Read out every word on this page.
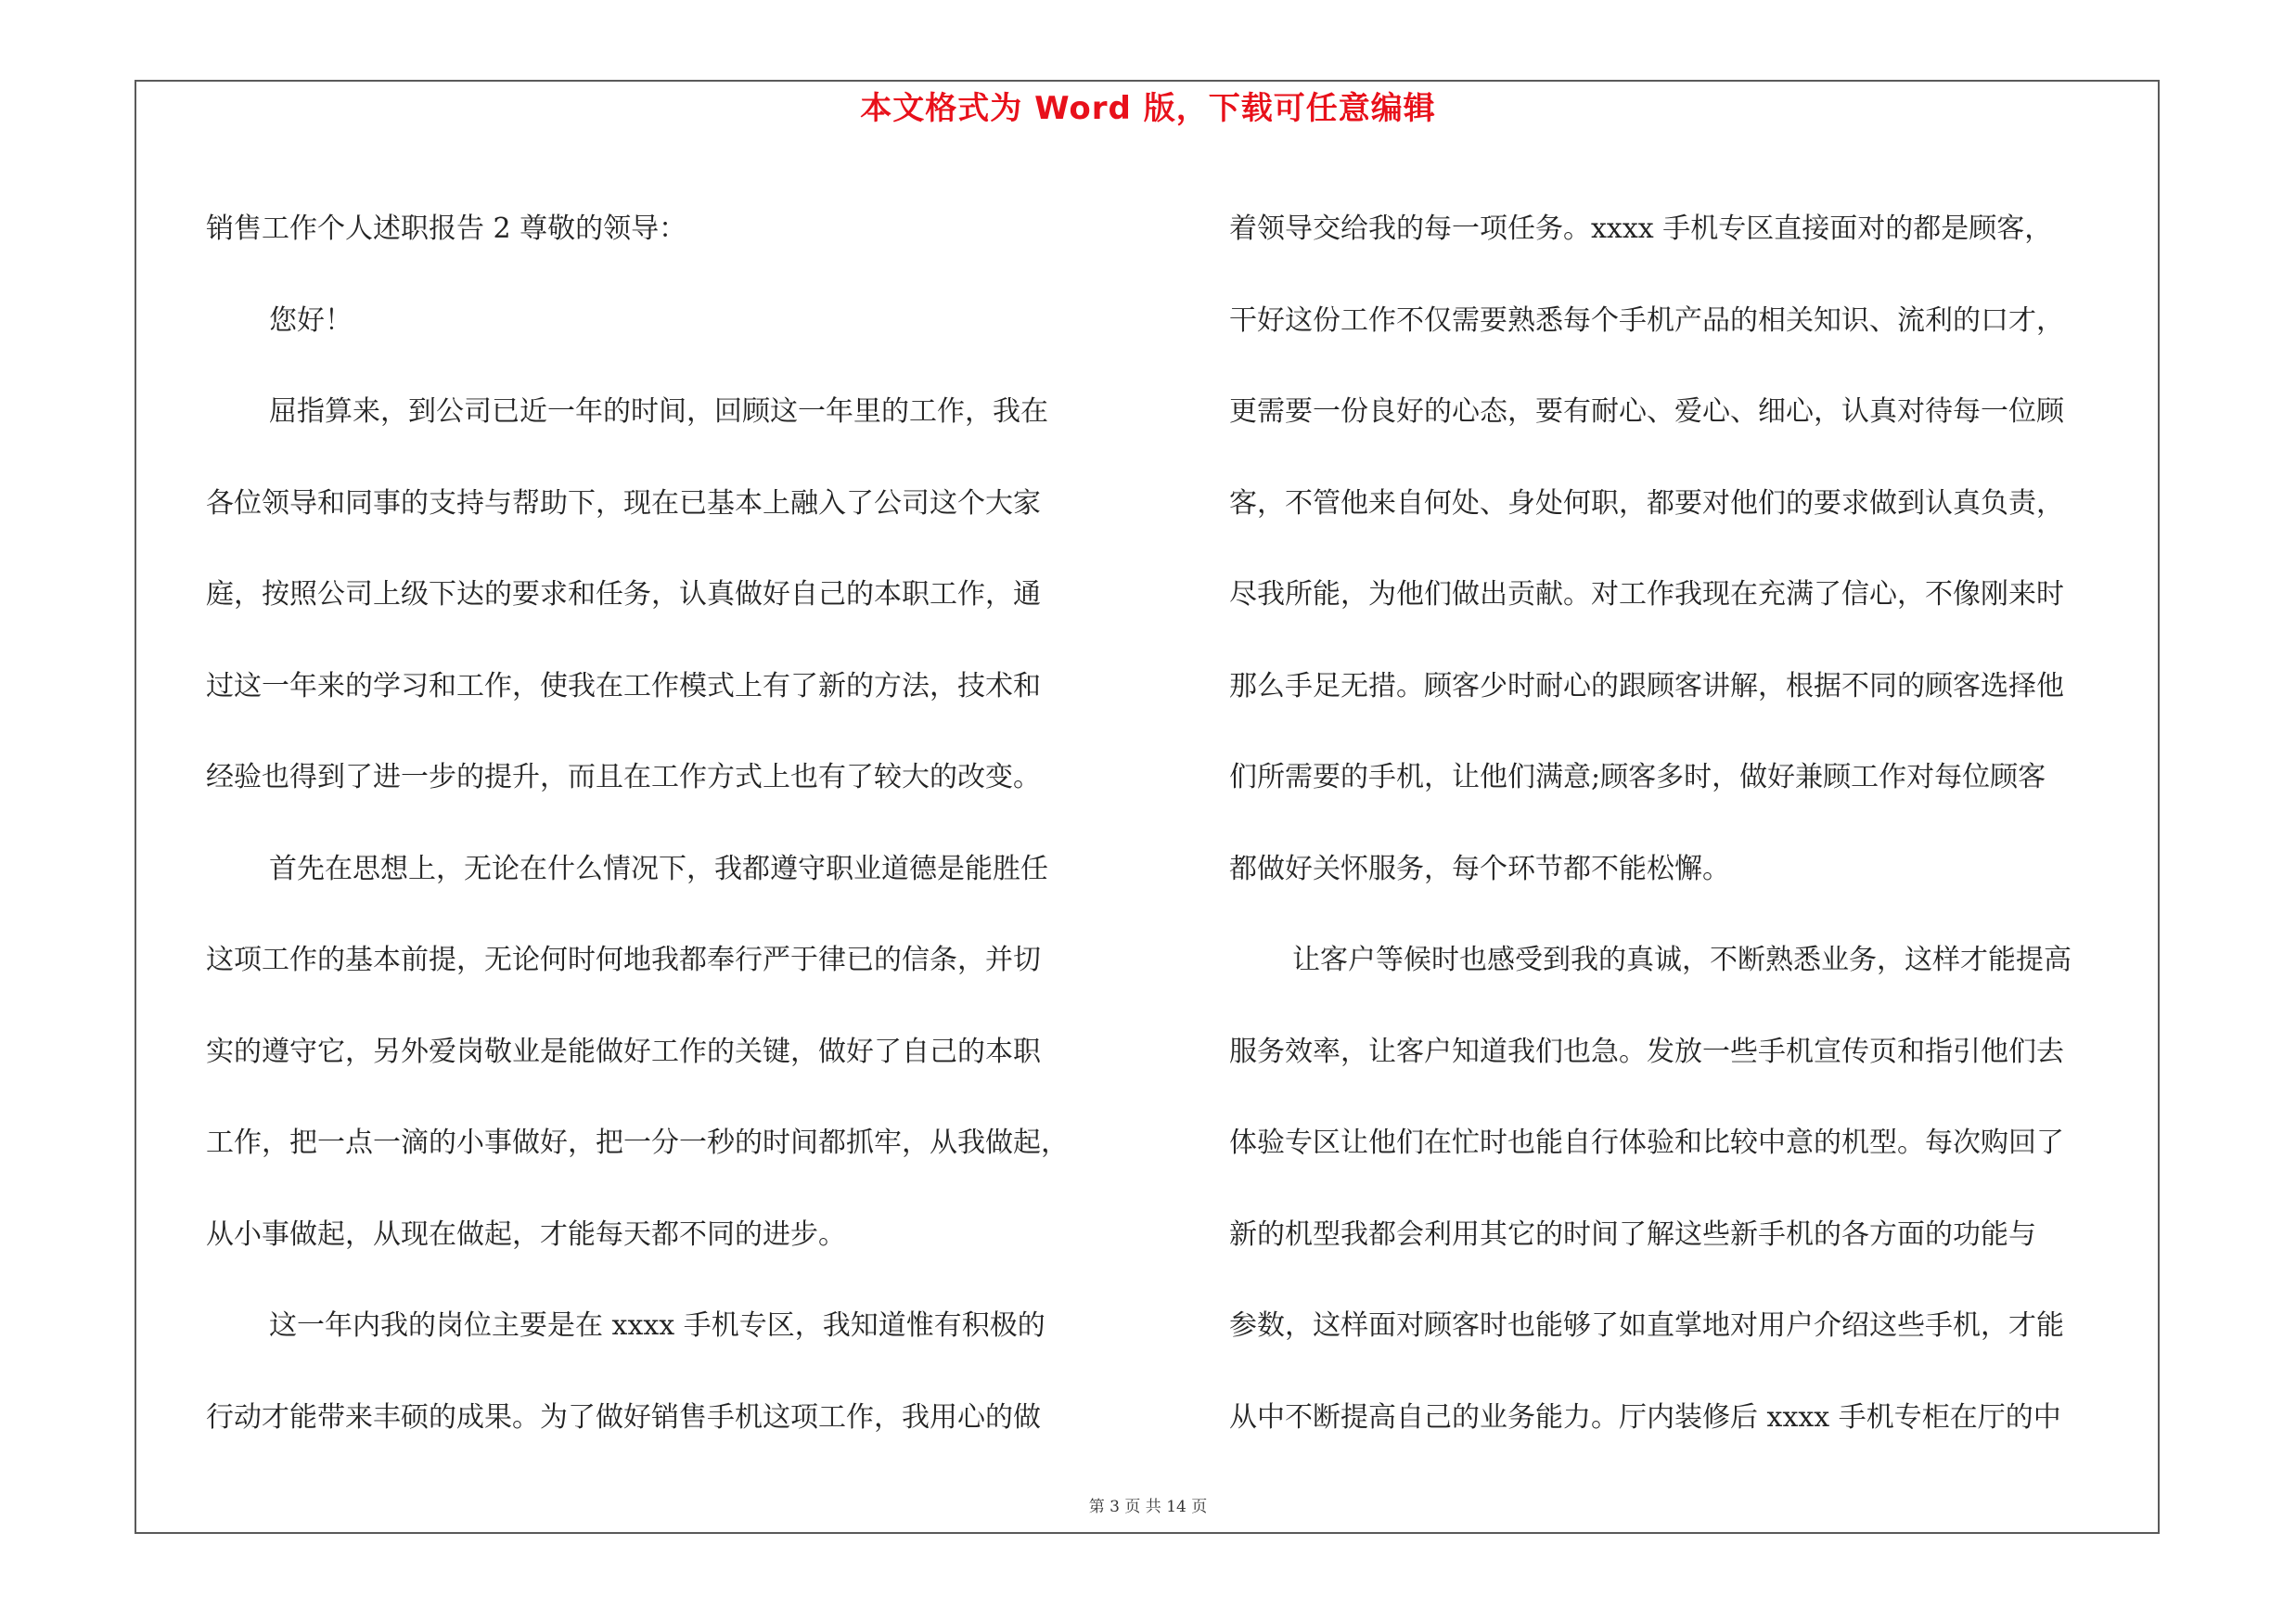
本文格式为 Word 版，下载可任意编辑
销售工作个人述职报告 2 尊敬的领导：
您好！
屈指算来，到公司已近一年的时间，回顾这一年里的工作，我在
各位领导和同事的支持与帮助下，现在已基本上融入了公司这个大家
庭，按照公司上级下达的要求和任务，认真做好自己的本职工作，通
过这一年来的学习和工作，使我在工作模式上有了新的方法，技术和
经验也得到了进一步的提升，而且在工作方式上也有了较大的改变。
首先在思想上，无论在什么情况下，我都遵守职业道德是能胜任
这项工作的基本前提，无论何时何地我都奉行严于律已的信条，并切
实的遵守它，另外爱岗敬业是能做好工作的关键，做好了自己的本职
工作，把一点一滴的小事做好，把一分一秒的时间都抓牢，从我做起，
从小事做起，从现在做起，才能每天都不同的进步。
这一年内我的岗位主要是在 xxxx 手机专区，我知道惟有积极的
行动才能带来丰硕的成果。为了做好销售手机这项工作，我用心的做
着领导交给我的每一项任务。xxxx 手机专区直接面对的都是顾客，
干好这份工作不仅需要熟悉每个手机产品的相关知识、流利的口才，
更需要一份良好的心态，要有耐心、爱心、细心，认真对待每一位顾
客，不管他来自何处、身处何职，都要对他们的要求做到认真负责，
尽我所能，为他们做出贡献。对工作我现在充满了信心，不像刚来时
那么手足无措。顾客少时耐心的跟顾客讲解，根据不同的顾客选择他
们所需要的手机，让他们满意;顾客多时，做好兼顾工作对每位顾客
都做好关怀服务，每个环节都不能松懈。
让客户等候时也感受到我的真诚，不断熟悉业务，这样才能提高
服务效率，让客户知道我们也急。发放一些手机宣传页和指引他们去
体验专区让他们在忙时也能自行体验和比较中意的机型。每次购回了
新的机型我都会利用其它的时间了解这些新手机的各方面的功能与
参数，这样面对顾客时也能够了如直掌地对用户介绍这些手机，才能
从中不断提高自己的业务能力。厅内装修后 xxxx 手机专柜在厅的中
第 3 页 共 14 页
